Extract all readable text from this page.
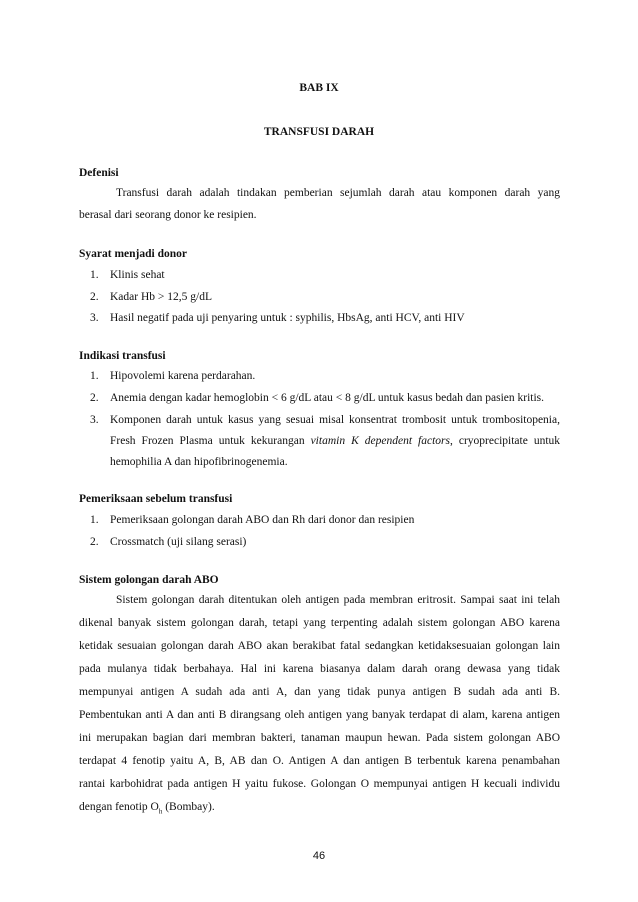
BAB IX
TRANSFUSI DARAH
Defenisi
Transfusi darah adalah tindakan pemberian sejumlah darah atau komponen darah yang
berasal dari seorang donor ke resipien.
Syarat menjadi donor
1. Klinis sehat
2. Kadar Hb > 12,5 g/dL
3. Hasil negatif pada uji penyaring untuk : syphilis, HbsAg, anti HCV, anti HIV
Indikasi transfusi
1. Hipovolemi karena perdarahan.
2. Anemia dengan kadar hemoglobin < 6 g/dL atau < 8 g/dL untuk kasus bedah dan pasien kritis.
3. Komponen darah untuk kasus yang sesuai misal konsentrat trombosit untuk trombositopenia,
Fresh Frozen Plasma untuk kekurangan vitamin K dependent factors, cryoprecipitate untuk
hemophilia A dan hipofibrinogenemia.
Pemeriksaan sebelum transfusi
1. Pemeriksaan golongan darah ABO dan Rh dari donor dan resipien
2. Crossmatch (uji silang serasi)
Sistem golongan darah ABO
Sistem golongan darah ditentukan oleh antigen pada membran eritrosit. Sampai saat ini telah
dikenal banyak sistem golongan darah, tetapi yang terpenting adalah sistem golongan ABO karena
ketidak sesuaian golongan darah ABO akan berakibat fatal sedangkan ketidaksesuaian golongan lain
pada mulanya tidak berbahaya. Hal ini karena biasanya dalam darah orang dewasa yang tidak
mempunyai antigen A sudah ada anti A, dan yang tidak punya antigen B sudah ada anti B.
Pembentukan anti A dan anti B dirangsang oleh antigen yang banyak terdapat di alam, karena antigen
ini merupakan bagian dari membran bakteri, tanaman maupun hewan. Pada sistem golongan ABO
terdapat 4 fenotip yaitu A, B, AB dan O. Antigen A dan antigen B terbentuk karena penambahan
rantai karbohidrat pada antigen H yaitu fukose. Golongan O mempunyai antigen H kecuali individu
dengan fenotip $O_h$ (Bombay).
46
